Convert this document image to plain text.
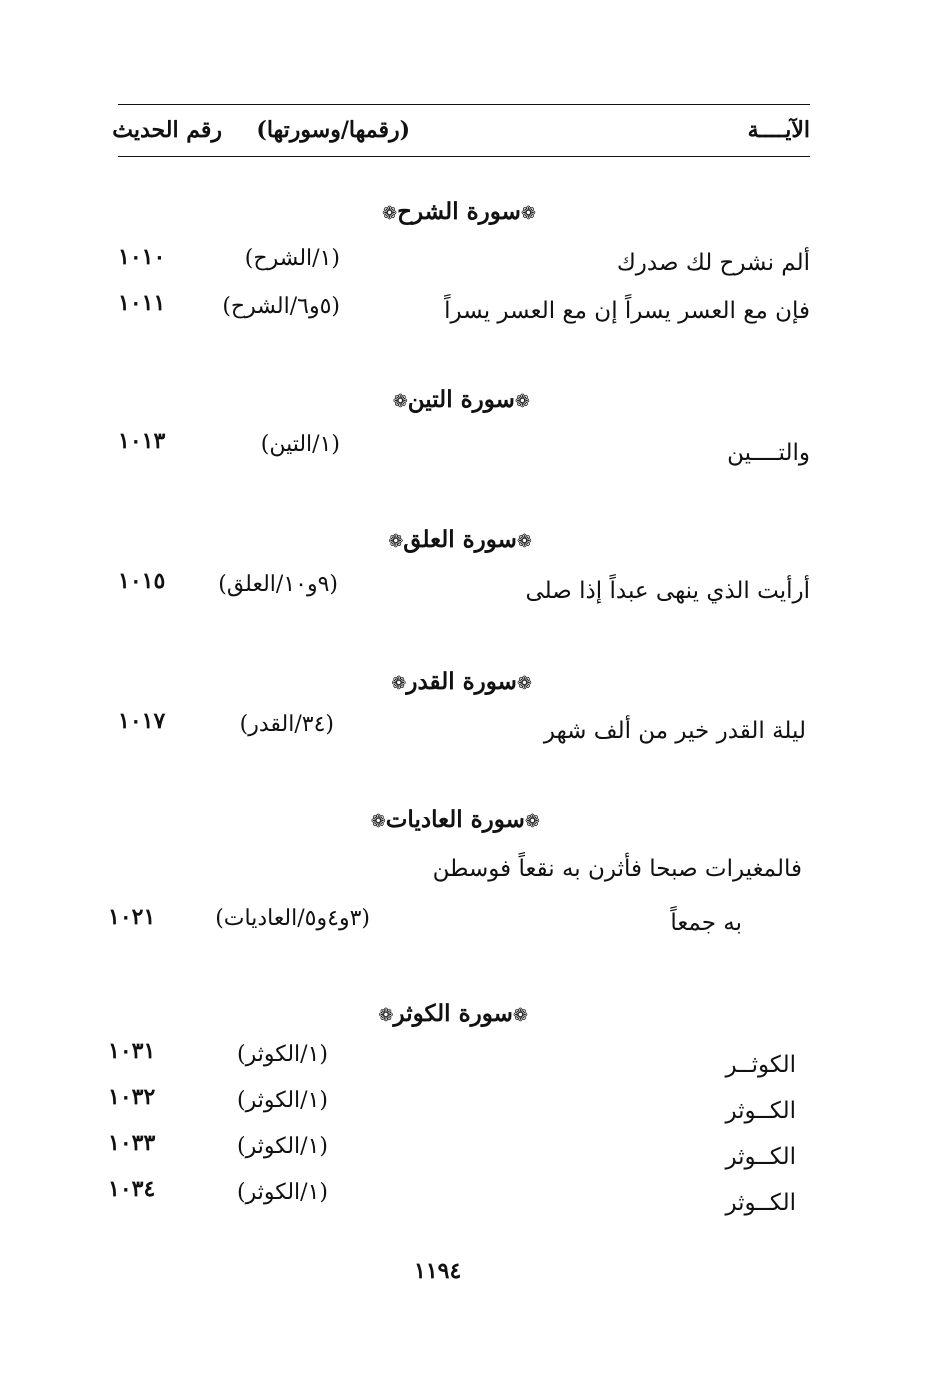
الآيــــة
(رقمها/وسورتها)
رقم الحديث
❁سورة الشرح❁
ألم نشرح لك صدرك
(١/الشرح)
١٠١٠
فإن مع العسر يسراً إن مع العسر يسراً
(٥و٦/الشرح)
١٠١١
❁سورة التين❁
والتــــين
(١/التين)
١٠١٣
❁سورة العلق❁
أرأيت الذي ينهى عبداً إذا صلى
(٩و١٠/العلق)
١٠١٥
❁سورة القدر❁
ليلة القدر خير من ألف شهر
(٣٤/القدر)
١٠١٧
❁سورة العاديات❁
فالمغيرات صبحا فأثرن به نقعاً فوسطن
به جمعاً
(٣و٤و٥/العاديات)
١٠٢١
❁سورة الكوثر❁
الكوثــر
(١/الكوثر)
١٠٣١
الكــوثر
(١/الكوثر)
١٠٣٢
الكــوثر
(١/الكوثر)
١٠٣٣
الكــوثر
(١/الكوثر)
١٠٣٤
١١٩٤
